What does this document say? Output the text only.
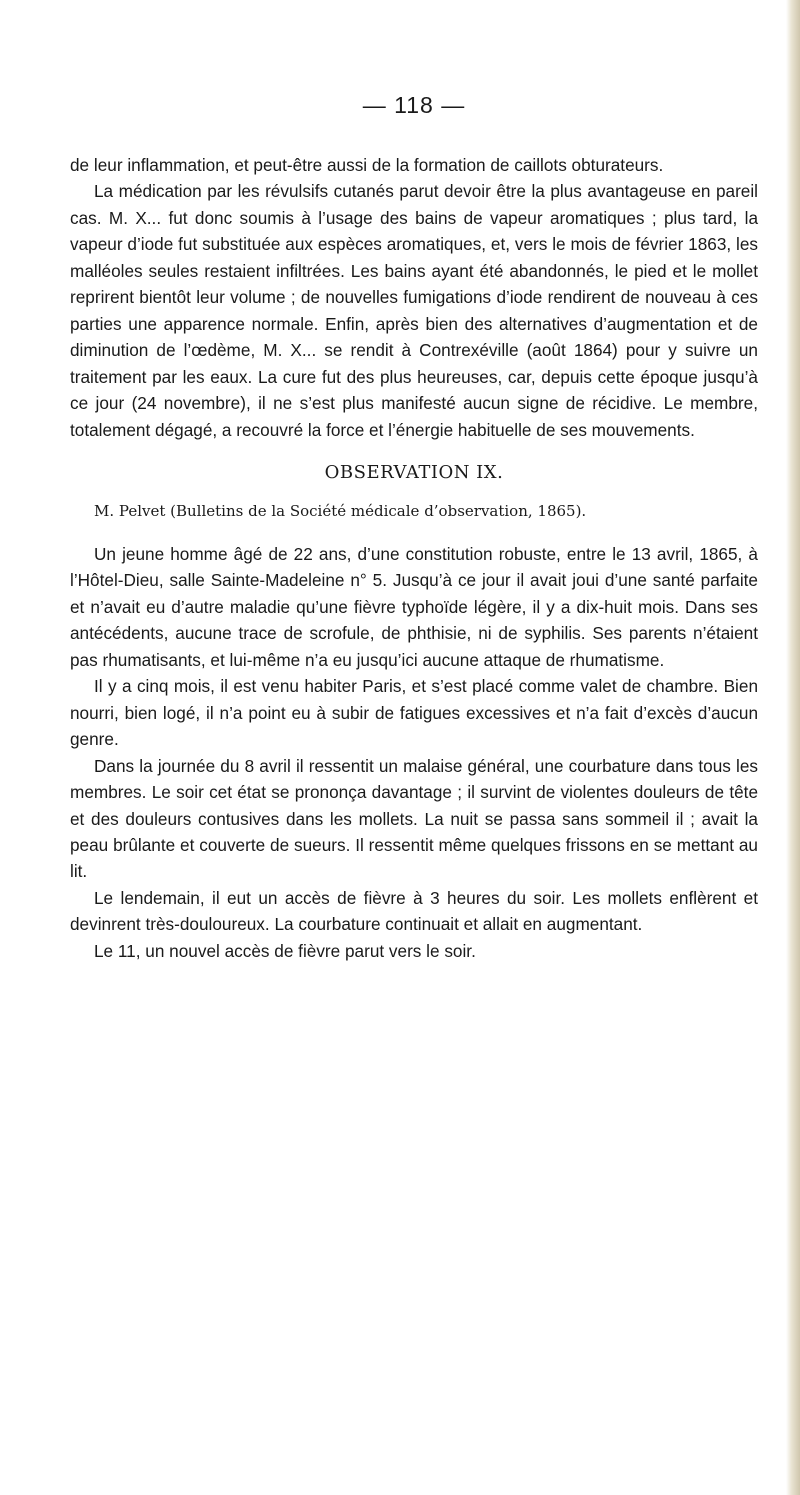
— 118 —

de leur inflammation, et peut-être aussi de la formation de caillots obturateurs.

La médication par les révulsifs cutanés parut devoir être la plus avantageuse en pareil cas. M. X... fut donc soumis à l’usage des bains de vapeur aromatiques ; plus tard, la vapeur d’iode fut substituée aux espèces aromatiques, et, vers le mois de février 1863, les malléoles seules restaient infiltrées. Les bains ayant été abandonnés, le pied et le mollet reprirent bientôt leur volume ; de nouvelles fumigations d’iode rendirent de nouveau à ces parties une apparence normale. Enfin, après bien des alternatives d’augmentation et de diminution de l’œdème, M. X... se rendit à Contrexéville (août 1864) pour y suivre un traitement par les eaux. La cure fut des plus heureuses, car, depuis cette époque jusqu’à ce jour (24 novembre), il ne s’est plus manifesté aucun signe de récidive. Le membre, totalement dégagé, a recouvré la force et l’énergie habituelle de ses mouvements.

OBSERVATION IX.
M. Pelvet (Bulletins de la Société médicale d’observation, 1865).

Un jeune homme âgé de 22 ans, d’une constitution robuste, entre le 13 avril, 1865, à l’Hôtel-Dieu, salle Sainte-Madeleine n° 5. Jusqu’à ce jour il avait joui d’une santé parfaite et n’avait eu d’autre maladie qu’une fièvre typhoïde légère, il y a dix-huit mois. Dans ses antécédents, aucune trace de scrofule, de phthisie, ni de syphilis. Ses parents n’étaient pas rhumatisants, et lui-même n’a eu jusqu’ici aucune attaque de rhumatisme.

Il y a cinq mois, il est venu habiter Paris, et s’est placé comme valet de chambre. Bien nourri, bien logé, il n’a point eu à subir de fatigues excessives et n’a fait d’excès d’aucun genre.

Dans la journée du 8 avril il ressentit un malaise général, une courbature dans tous les membres. Le soir cet état se prononça davantage ; il survint de violentes douleurs de tête et des douleurs contusives dans les mollets. La nuit se passa sans sommeil il ; avait la peau brûlante et couverte de sueurs. Il ressentit même quelques frissons en se mettant au lit.

Le lendemain, il eut un accès de fièvre à 3 heures du soir. Les mollets enflèrent et devinrent très-douloureux. La courbature continuait et allait en augmentant.

Le 11, un nouvel accès de fièvre parut vers le soir.
